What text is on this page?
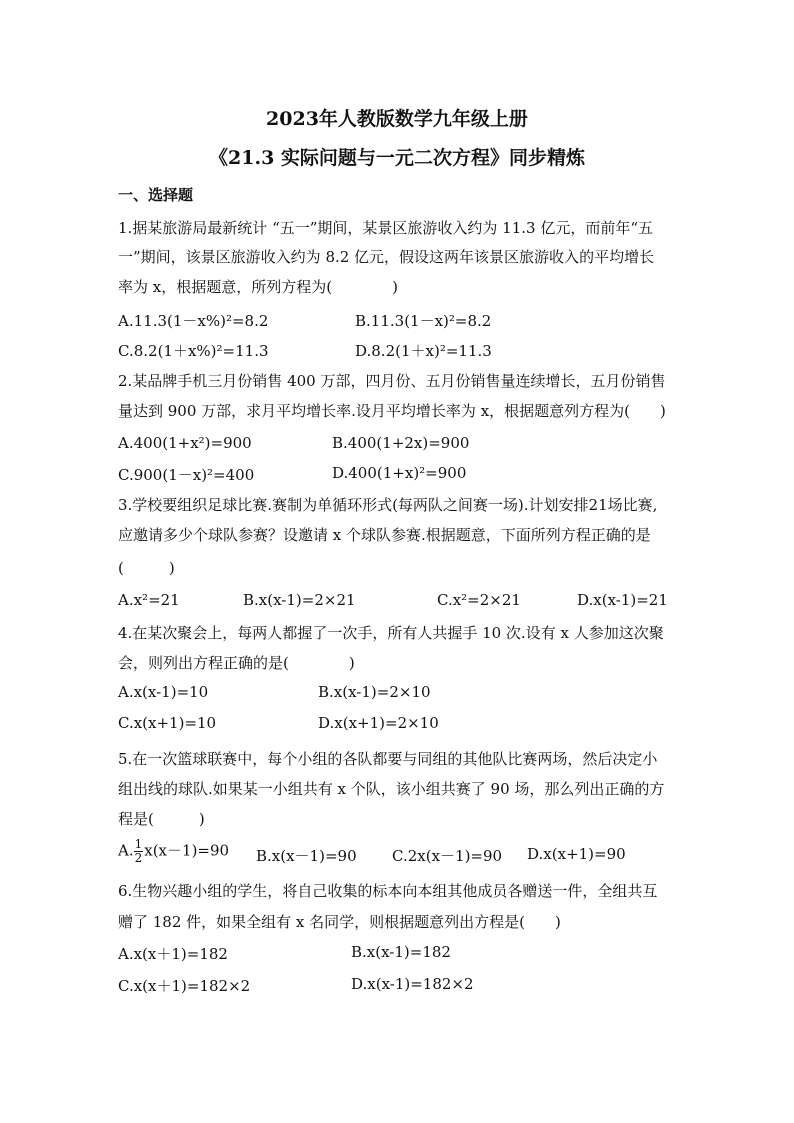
2023年人教版数学九年级上册
《21.3 实际问题与一元二次方程》同步精炼
一、选择题
1.据某旅游局最新统计 “五一”期间，某景区旅游收入约为 11.3 亿元，而前年“五
一”期间，该景区旅游收入约为 8.2 亿元，假设这两年该景区旅游收入的平均增长
率为 x，根据题意，所列方程为(　　　　)
A.11.3(1－x%)²=8.2	B.11.3(1－x)²=8.2
C.8.2(1＋x%)²=11.3	D.8.2(1＋x)²=11.3
2.某品牌手机三月份销售 400 万部，四月份、五月份销售量连续增长，五月份销售
量达到 900 万部，求月平均增长率.设月平均增长率为 x，根据题意列方程为(　　)
A.400(1+x²)=900	B.400(1+2x)=900
C.900(1－x)²=400	D.400(1+x)²=900
3.学校要组织足球比赛.赛制为单循环形式(每两队之间赛一场).计划安排21场比赛,
应邀请多少个球队参赛？设邀请 x 个球队参赛.根据题意，下面所列方程正确的是
(　　　)
A.x²=21	B.x(x-1)=2×21	C.x²=2×21	D.x(x-1)=21
4.在某次聚会上，每两人都握了一次手，所有人共握手 10 次.设有 x 人参加这次聚
会，则列出方程正确的是(　　　　)
A.x(x-1)=10	B.x(x-1)=2×10
C.x(x+1)=10	D.x(x+1)=2×10
5.在一次篮球联赛中，每个小组的各队都要与同组的其他队比赛两场，然后决定小
组出线的球队.如果某一小组共有 x 个队，该小组共赛了 90 场，那么列出正确的方
程是(　　　)
A. $\frac{1}{2} x(x-1)=90$ B.x(x－1)=90 C.2x(x－1)=90 D.x(x+1)=90
6.生物兴趣小组的学生，将自己收集的标本向本组其他成员各赠送一件，全组共互
赠了 182 件，如果全组有 x 名同学，则根据题意列出方程是(　　)
A.x(x＋1)=182	B.x(x-1)=182
C.x(x＋1)=182×2	D.x(x-1)=182×2
